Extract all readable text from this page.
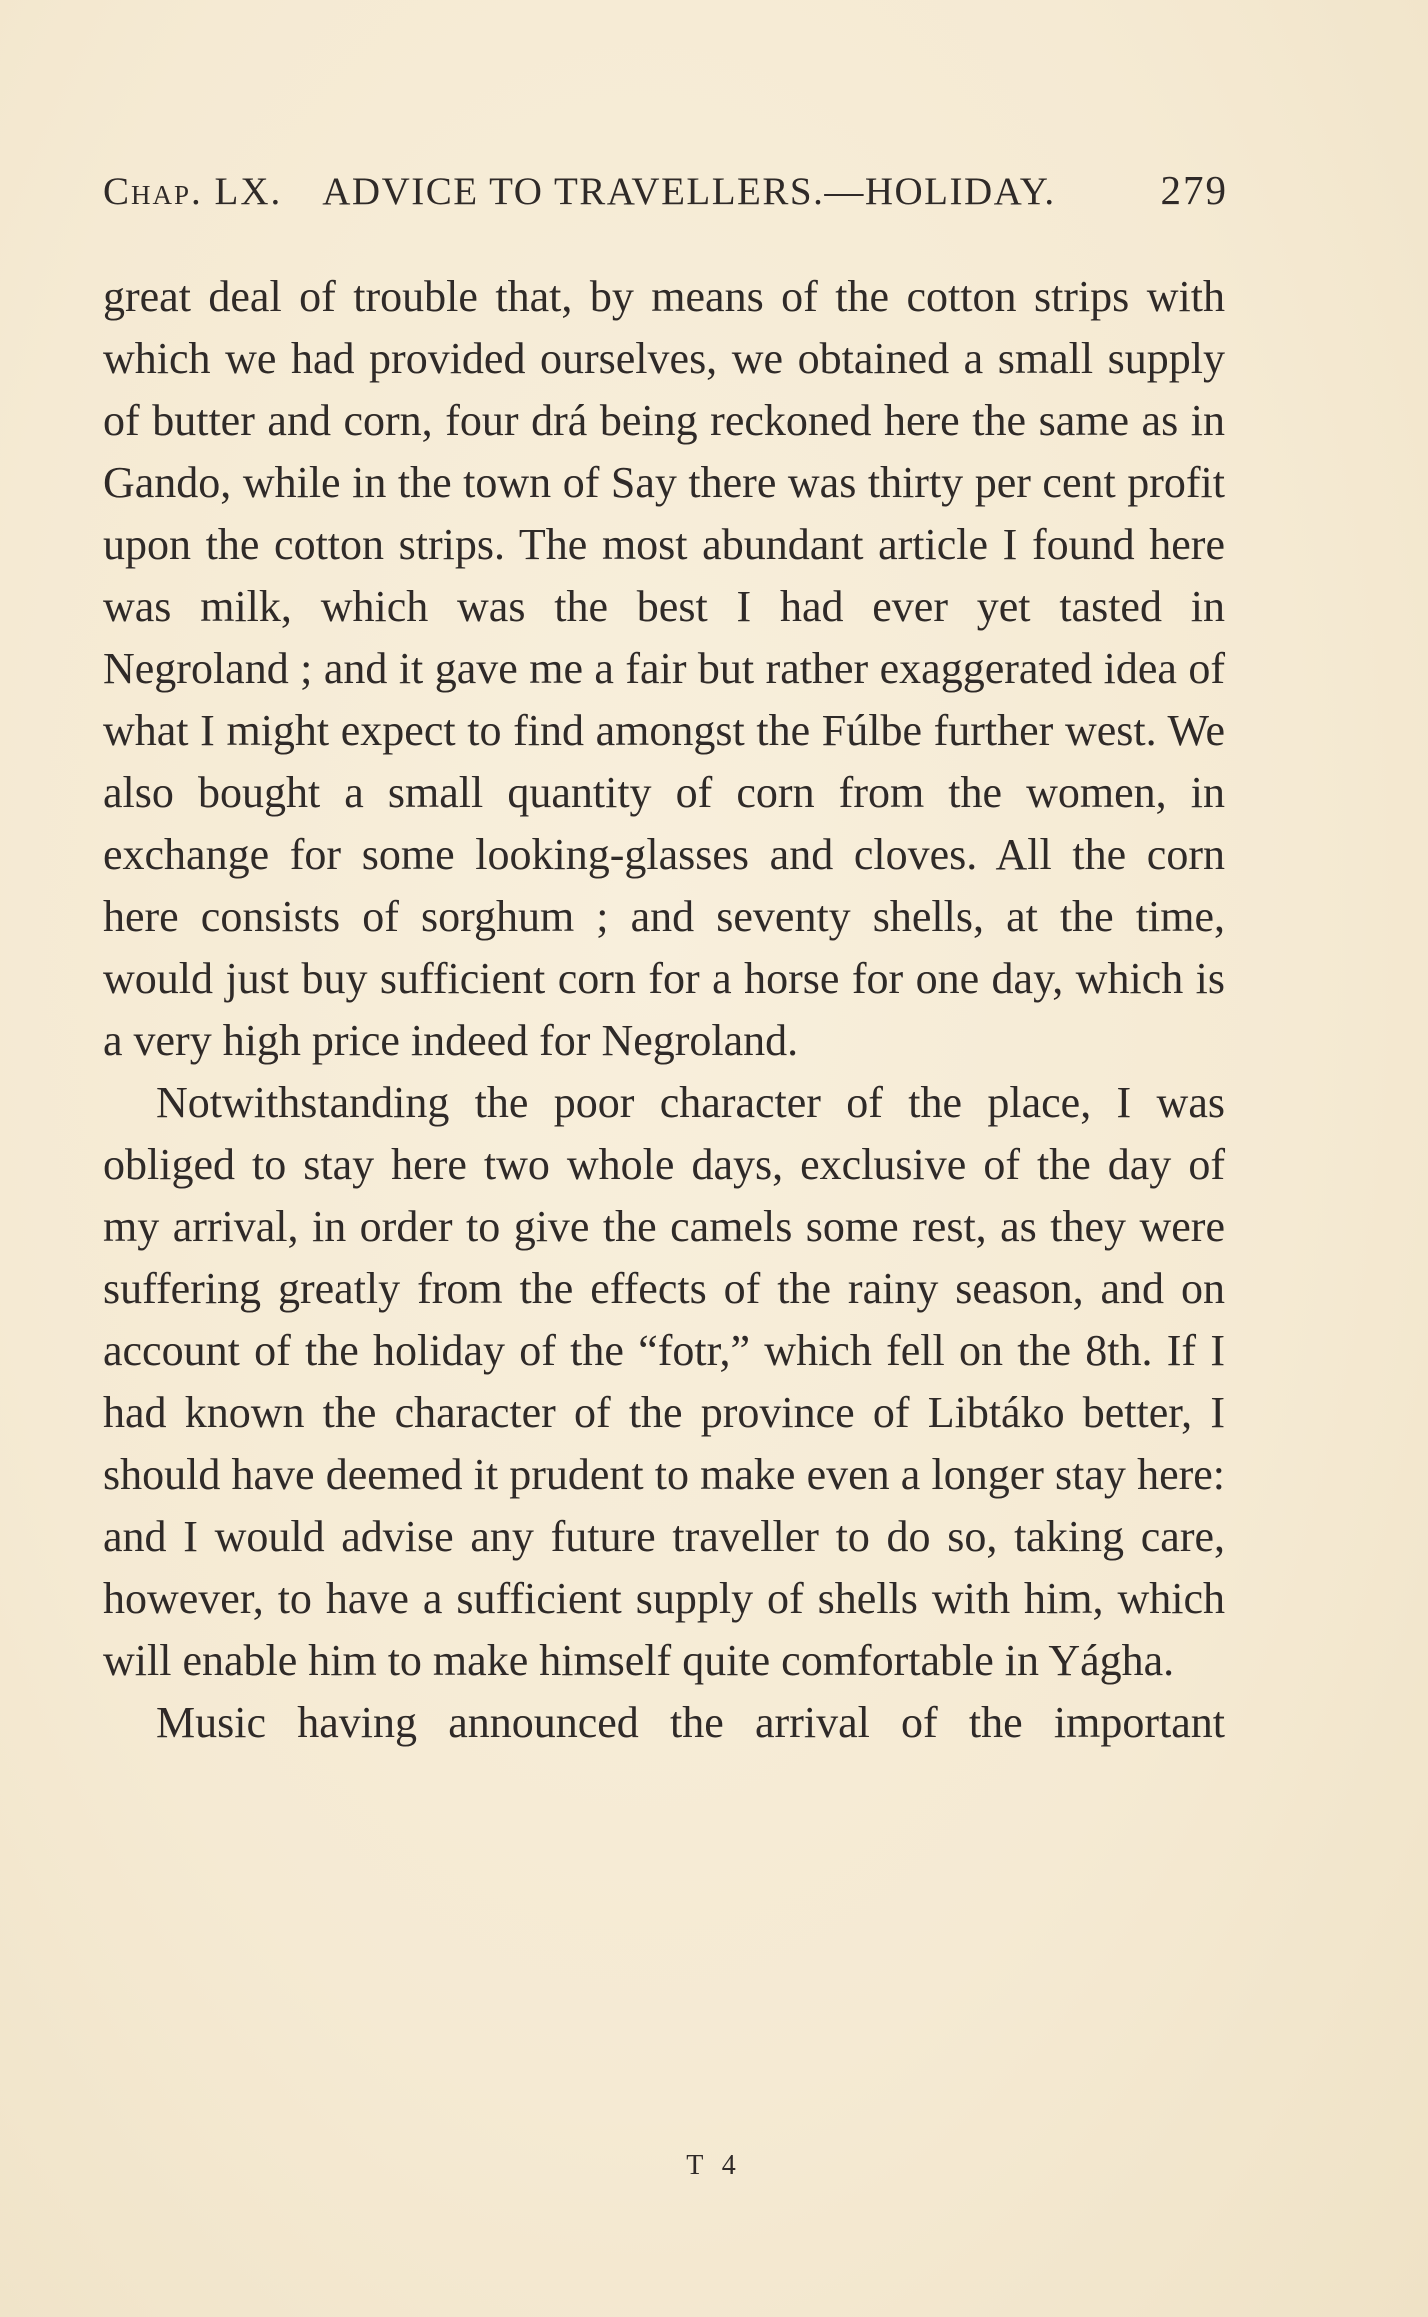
Chap. LX. ADVICE TO TRAVELLERS.—HOLIDAY.	279

great deal of trouble that, by means of the cotton strips with which we had provided ourselves, we obtained a small supply of butter and corn, four drá being reckoned here the same as in Gando, while in the town of Say there was thirty per cent profit upon the cotton strips. The most abundant article I found here was milk, which was the best I had ever yet tasted in Negroland ; and it gave me a fair but rather exaggerated idea of what I might expect to find amongst the Fúlbe further west. We also bought a small quantity of corn from the women, in exchange for some looking-glasses and cloves. All the corn here consists of sorghum ; and seventy shells, at the time, would just buy sufficient corn for a horse for one day, which is a very high price indeed for Negroland.

Notwithstanding the poor character of the place, I was obliged to stay here two whole days, exclusive of the day of my arrival, in order to give the camels some rest, as they were suffering greatly from the effects of the rainy season, and on account of the holiday of the “fotr,” which fell on the 8th. If I had known the character of the province of Libtáko better, I should have deemed it prudent to make even a longer stay here: and I would advise any future traveller to do so, taking care, however, to have a sufficient supply of shells with him, which will enable him to make himself quite comfortable in Yágha.

Music having announced the arrival of the important

T 4
